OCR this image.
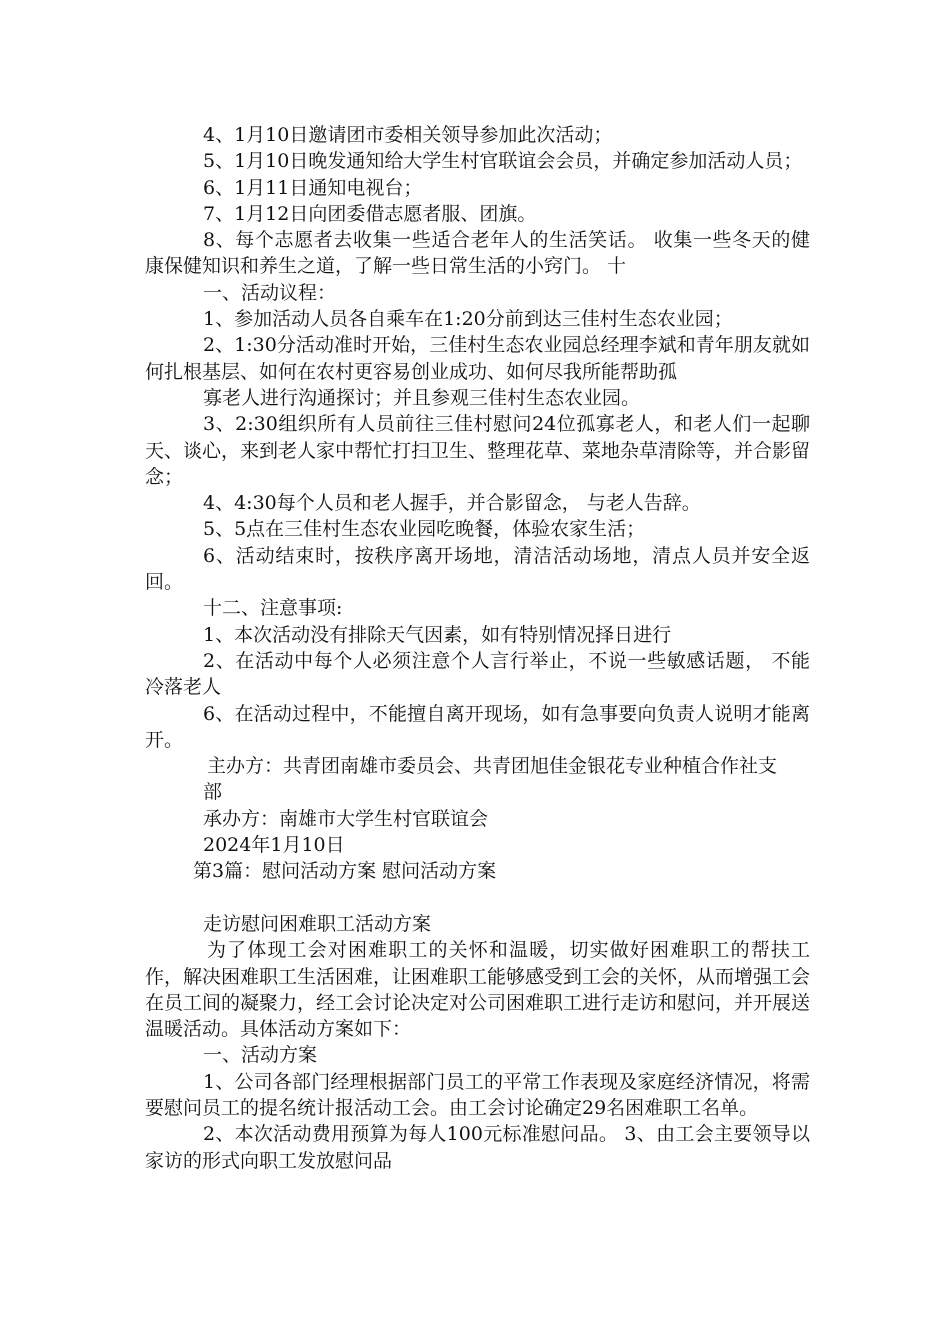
4、1月10日邀请团市委相关领导参加此次活动；

5、1月10日晚发通知给大学生村官联谊会会员，并确定参加活动人员；

6、1月11日通知电视台；

7、1月12日向团委借志愿者服、团旗。

8、每个志愿者去收集一些适合老年人的生活笑话。 收集一些冬天的健康保健知识和养生之道，了解一些日常生活的小窍门。 十

一、活动议程：

1、参加活动人员各自乘车在1:20分前到达三佳村生态农业园；

2、1:30分活动准时开始，三佳村生态农业园总经理李斌和青年朋友就如何扎根基层、如何在农村更容易创业成功、如何尽我所能帮助孤

寡老人进行沟通探讨；并且参观三佳村生态农业园。

3、2:30组织所有人员前往三佳村慰问24位孤寡老人，和老人们一起聊天、谈心，来到老人家中帮忙打扫卫生、整理花草、菜地杂草清除等，并合影留念；

4、4:30每个人员和老人握手，并合影留念， 与老人告辞。

5、5点在三佳村生态农业园吃晚餐，体验农家生活；

6、活动结束时，按秩序离开场地，清洁活动场地，清点人员并安全返回。

十二、注意事项:

1、本次活动没有排除天气因素，如有特别情况择日进行

2、在活动中每个人必须注意个人言行举止，不说一些敏感话题， 不能冷落老人

6、在活动过程中，不能擅自离开现场，如有急事要向负责人说明才能离开。

主办方：共青团南雄市委员会、共青团旭佳金银花专业种植合作社支

部

承办方：南雄市大学生村官联谊会

2024年1月10日

第3篇：慰问活动方案 慰问活动方案

走访慰问困难职工活动方案

为了体现工会对困难职工的关怀和温暖，切实做好困难职工的帮扶工作，解决困难职工生活困难，让困难职工能够感受到工会的关怀，从而增强工会在员工间的凝聚力，经工会讨论决定对公司困难职工进行走访和慰问，并开展送温暖活动。具体活动方案如下：

一、活动方案

1、公司各部门经理根据部门员工的平常工作表现及家庭经济情况，将需要慰问员工的提名统计报活动工会。由工会讨论确定29名困难职工名单。

2、本次活动费用预算为每人100元标准慰问品。 3、由工会主要领导以家访的形式向职工发放慰问品
